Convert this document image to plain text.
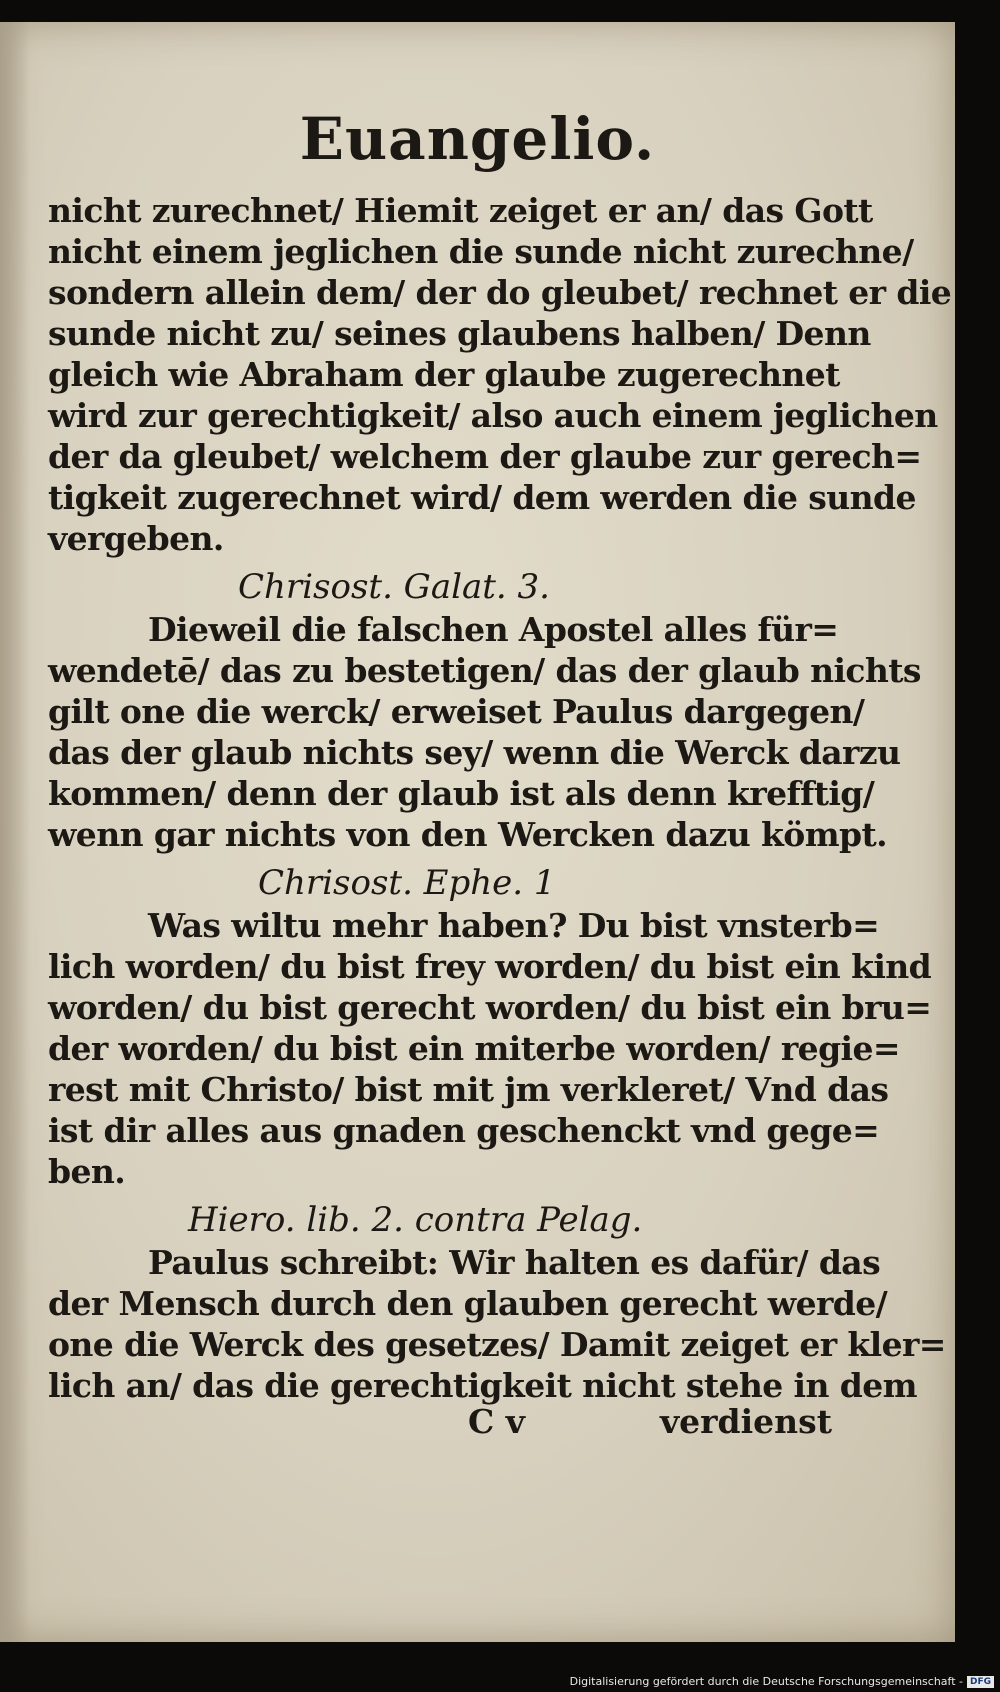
Euangelio.
nicht zurechnet/ Hiemit zeiget er an/ das Gott
nicht einem jeglichen die sunde nicht zurechne/
sondern allein dem/ der do gleubet/ rechnet er die
sunde nicht zu/ seines glaubens halben/ Denn
gleich wie Abraham der glaube zugerechnet
wird zur gerechtigkeit/ also auch einem jeglichen
der da gleubet/ welchem der glaube zur gerech=
tigkeit zugerechnet wird/ dem werden die sunde
vergeben.
Chrisost. Galat. 3.
Dieweil die falschen Apostel alles für=
wendetē/ das zu bestetigen/ das der glaub nichts
gilt one die werck/ erweiset Paulus dargegen/
das der glaub nichts sey/ wenn die Werck darzu
kommen/ denn der glaub ist als denn krefftig/
wenn gar nichts von den Wercken dazu kömpt.
Chrisost. Ephe. 1
Was wiltu mehr haben? Du bist vnsterb=
lich worden/ du bist frey worden/ du bist ein kind
worden/ du bist gerecht worden/ du bist ein bru=
der worden/ du bist ein miterbe worden/ regie=
rest mit Christo/ bist mit jm verkleret/ Vnd das
ist dir alles aus gnaden geschenckt vnd gege=
ben.
Hiero. lib. 2. contra Pelag.
Paulus schreibt: Wir halten es dafür/ das
der Mensch durch den glauben gerecht werde/
one die Werck des gesetzes/ Damit zeiget er kler=
lich an/ das die gerechtigkeit nicht stehe in dem
C v	verdienst
Digitalisierung gefördert durch die Deutsche Forschungsgemeinschaft - DFG
